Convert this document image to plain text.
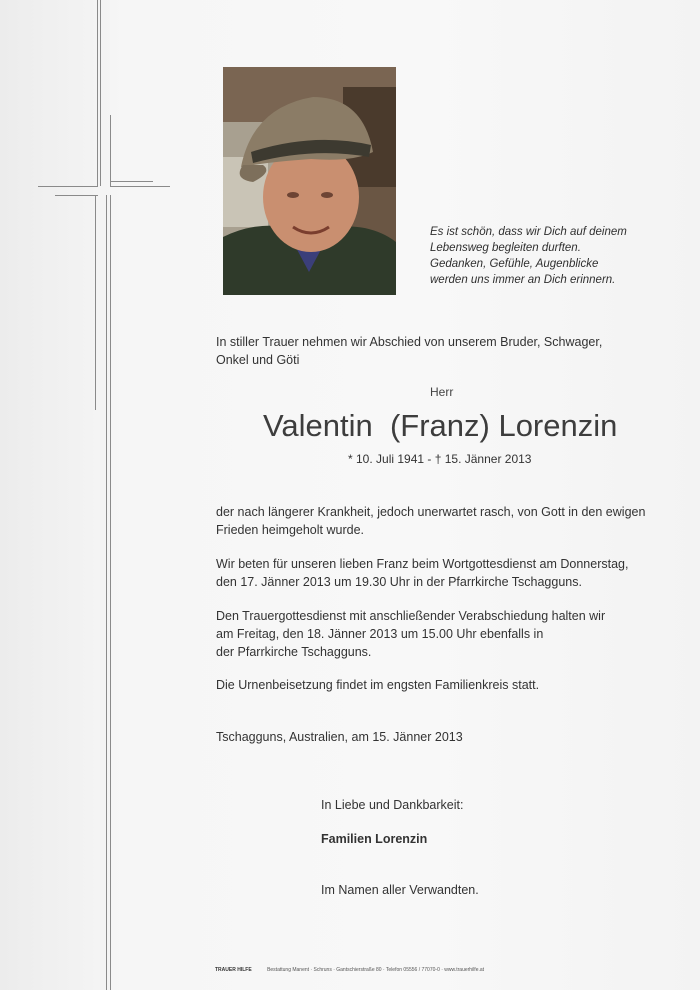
Es ist schön, dass wir Dich auf deinem
Lebensweg begleiten durften.
Gedanken, Gefühle, Augenblicke
werden uns immer an Dich erinnern.
In stiller Trauer nehmen wir Abschied von unserem Bruder, Schwager,
Onkel und Göti
Herr
Valentin  (Franz) Lorenzin
* 10. Juli 1941 - † 15. Jänner 2013
der nach längerer Krankheit, jedoch unerwartet rasch, von Gott in den ewigen
Frieden heimgeholt wurde.
Wir beten für unseren lieben Franz beim Wortgottesdienst am Donnerstag,
den 17. Jänner 2013 um 19.30 Uhr in der Pfarrkirche Tschagguns.
Den Trauergottesdienst mit anschließender Verabschiedung halten wir
am Freitag, den 18. Jänner 2013 um 15.00 Uhr ebenfalls in
der Pfarrkirche Tschagguns.
Die Urnenbeisetzung findet im engsten Familienkreis statt.
Tschagguns, Australien, am 15. Jänner 2013
In Liebe und Dankbarkeit:
Familien Lorenzin
Im Namen aller Verwandten.
TRAUER HILFE	Bestattung Manent · Schruns · Gantschierstraße 80 · Telefon 05556 / 77070-0 · www.trauerhilfe.at
